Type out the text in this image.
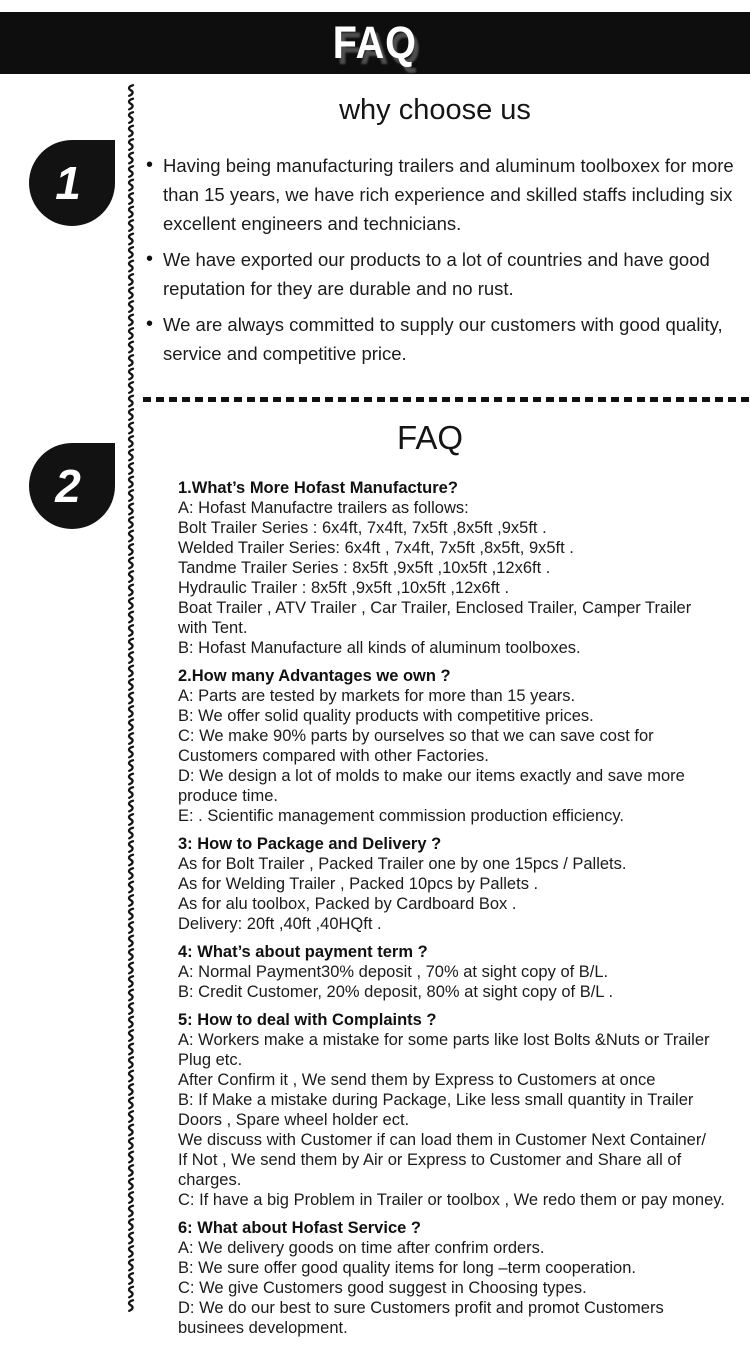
FAQ
1
2
why choose us
• Having being manufacturing trailers and aluminum toolboxex for more
than 15 years, we have rich experience and skilled staffs including six
excellent engineers and technicians.
• We have exported our products to a lot of countries and have good
reputation for they are durable and no rust.
• We are always committed to supply our customers with good quality,
service and competitive price.
FAQ
1.What’s More Hofast Manufacture?
A: Hofast Manufactre trailers as follows:
Bolt Trailer Series : 6x4ft, 7x4ft, 7x5ft ,8x5ft ,9x5ft .
Welded Trailer Series: 6x4ft , 7x4ft, 7x5ft ,8x5ft, 9x5ft .
Tandme Trailer Series : 8x5ft ,9x5ft ,10x5ft ,12x6ft .
Hydraulic Trailer : 8x5ft ,9x5ft ,10x5ft ,12x6ft .
Boat Trailer , ATV Trailer , Car Trailer, Enclosed Trailer, Camper Trailer
with Tent.
B: Hofast Manufacture all kinds of aluminum toolboxes.
2.How many Advantages we own ?
A: Parts are tested by markets for more than 15 years.
B: We offer solid quality products with competitive prices.
C: We make 90% parts by ourselves so that we can save cost for
Customers compared with other Factories.
D: We design a lot of molds to make our items exactly and save more
produce time.
E: . Scientific management commission production efficiency.
3: How to Package and Delivery ?
As for Bolt Trailer , Packed Trailer one by one 15pcs / Pallets.
As for Welding Trailer , Packed 10pcs by Pallets .
As for alu toolbox, Packed by Cardboard Box .
Delivery: 20ft ,40ft ,40HQft .
4: What’s about payment term ?
A: Normal Payment30% deposit , 70% at sight copy of B/L.
B: Credit Customer, 20% deposit, 80% at sight copy of B/L .
5: How to deal with Complaints ?
A: Workers make a mistake for some parts like lost Bolts &Nuts or Trailer
Plug etc.
After Confirm it , We send them by Express to Customers at once
B: If Make a mistake during Package, Like less small quantity in Trailer
Doors , Spare wheel holder ect.
We discuss with Customer if can load them in Customer Next Container/
If Not , We send them by Air or Express to Customer and Share all of
charges.
C: If have a big Problem in Trailer or toolbox , We redo them or pay money.
6: What about Hofast Service ?
A: We delivery goods on time after confrim orders.
B: We sure offer good quality items for long –term cooperation.
C: We give Customers good suggest in Choosing types.
D: We do our best to sure Customers profit and promot Customers
businees development.
